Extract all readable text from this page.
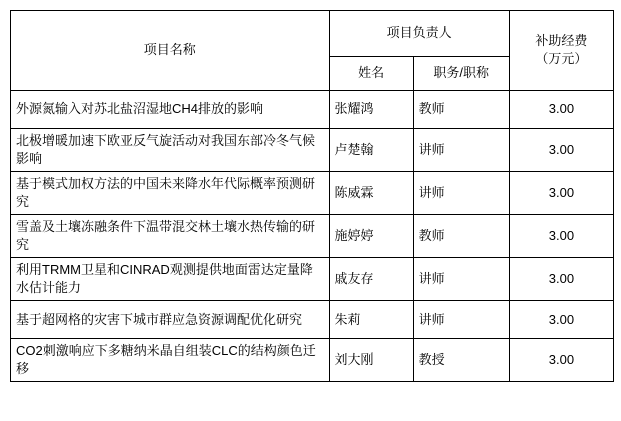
项目名称	项目负责人		补助经费
（万元）

	姓名	职务/职称	
外源氮输入对苏北盐沼湿地CH4排放的影响	张耀鸿	教师	3.00
北极增暖加速下欧亚反气旋活动对我国东部冷冬气候影响	卢楚翰	讲师	3.00
基于模式加权方法的中国未来降水年代际概率预测研究	陈威霖	讲师	3.00
雪盖及土壤冻融条件下温带混交林土壤水热传输的研究	施婷婷	教师	3.00
利用TRMM卫星和CINRAD观测提供地面雷达定量降水估计能力	戚友存	讲师	3.00
基于超网格的灾害下城市群应急资源调配优化研究	朱莉	讲师	3.00
CO2刺激响应下多糖纳米晶自组装CLC的结构颜色迁移	刘大刚	教授	3.00
